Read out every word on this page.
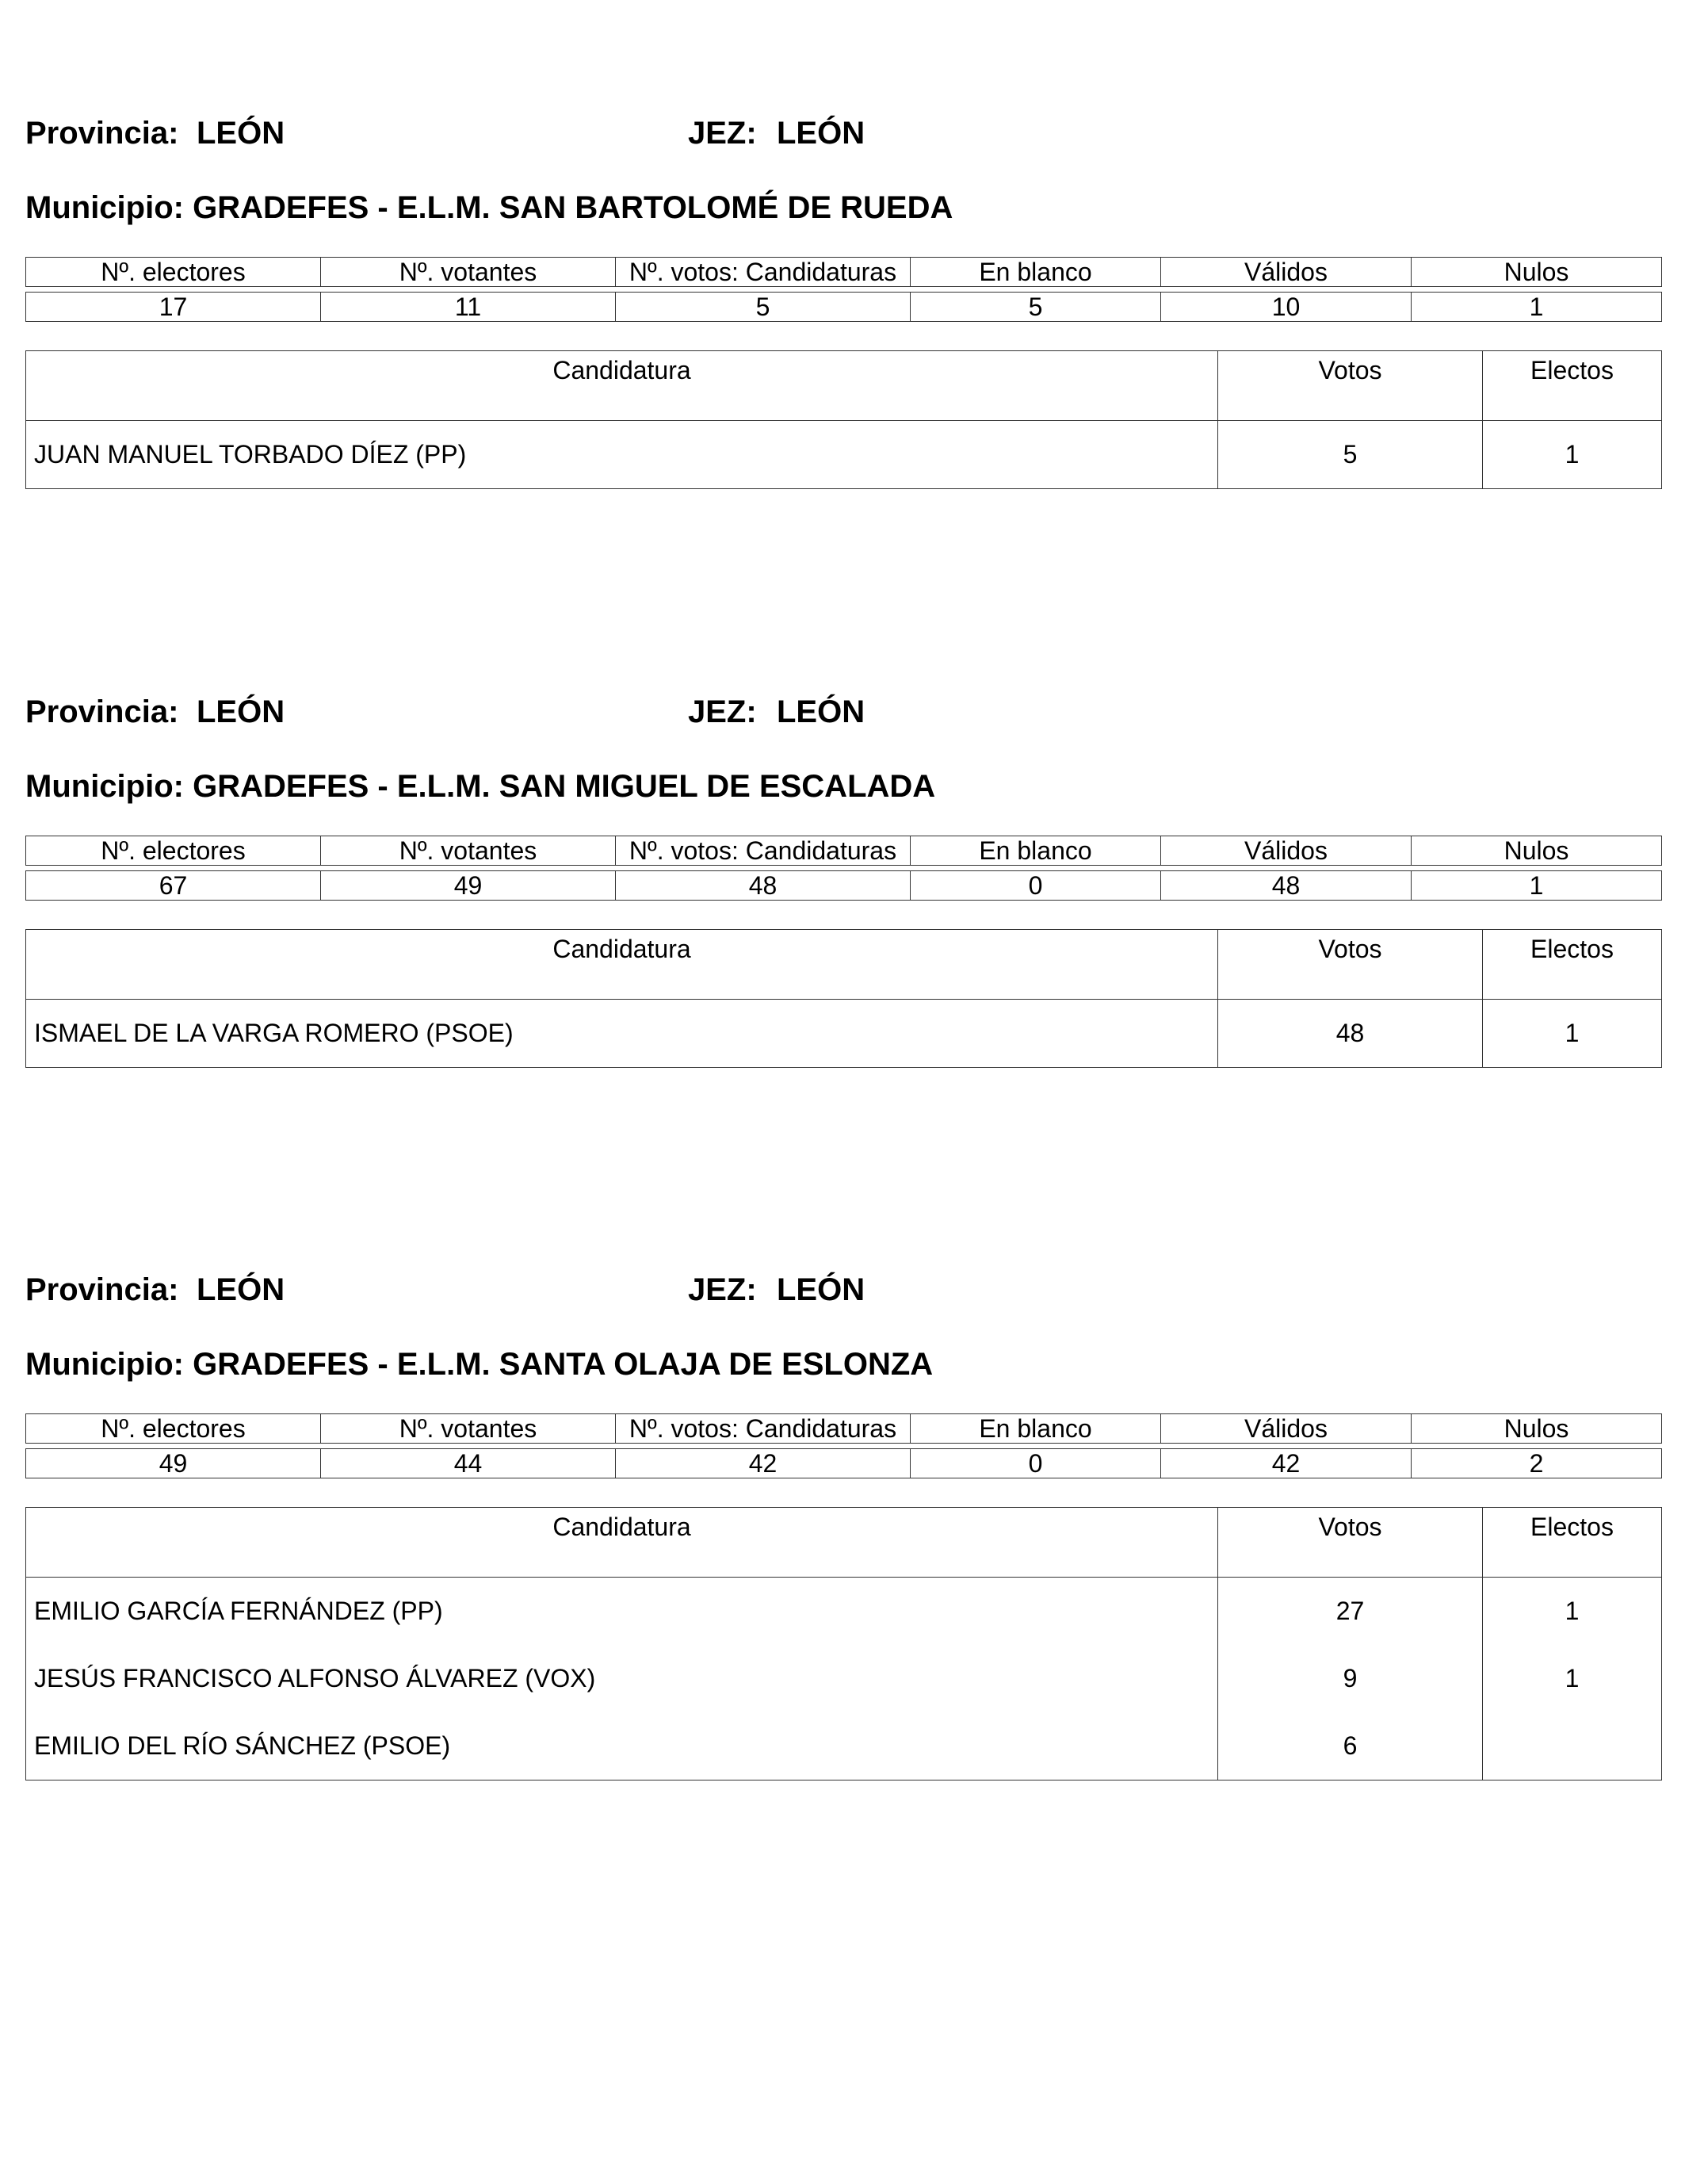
Provincia: LEÓN	JEZ: LEÓN
Municipio: GRADEFES - E.L.M. SAN BARTOLOMÉ DE RUEDA
Nº. electores	Nº. votantes	Nº. votos: Candidaturas	En blanco	Válidos	Nulos

17	11	5	5	10	1
Candidatura	Votos	Electos
JUAN MANUEL TORBADO DÍEZ (PP)	5	1
Provincia: LEÓN	JEZ: LEÓN
Municipio: GRADEFES - E.L.M. SAN MIGUEL DE ESCALADA
Nº. electores	Nº. votantes	Nº. votos: Candidaturas	En blanco	Válidos	Nulos

67	49	48	0	48	1
Candidatura	Votos	Electos
ISMAEL DE LA VARGA ROMERO (PSOE)	48	1
Provincia: LEÓN	JEZ: LEÓN
Municipio: GRADEFES - E.L.M. SANTA OLAJA DE ESLONZA
Nº. electores	Nº. votantes	Nº. votos: Candidaturas	En blanco	Válidos	Nulos

49	44	42	0	42	2
Candidatura	Votos	Electos
EMILIO GARCÍA FERNÁNDEZ (PP)	27	1
JESÚS FRANCISCO ALFONSO ÁLVAREZ (VOX)	9	1
EMILIO DEL RÍO SÁNCHEZ (PSOE)	6	
